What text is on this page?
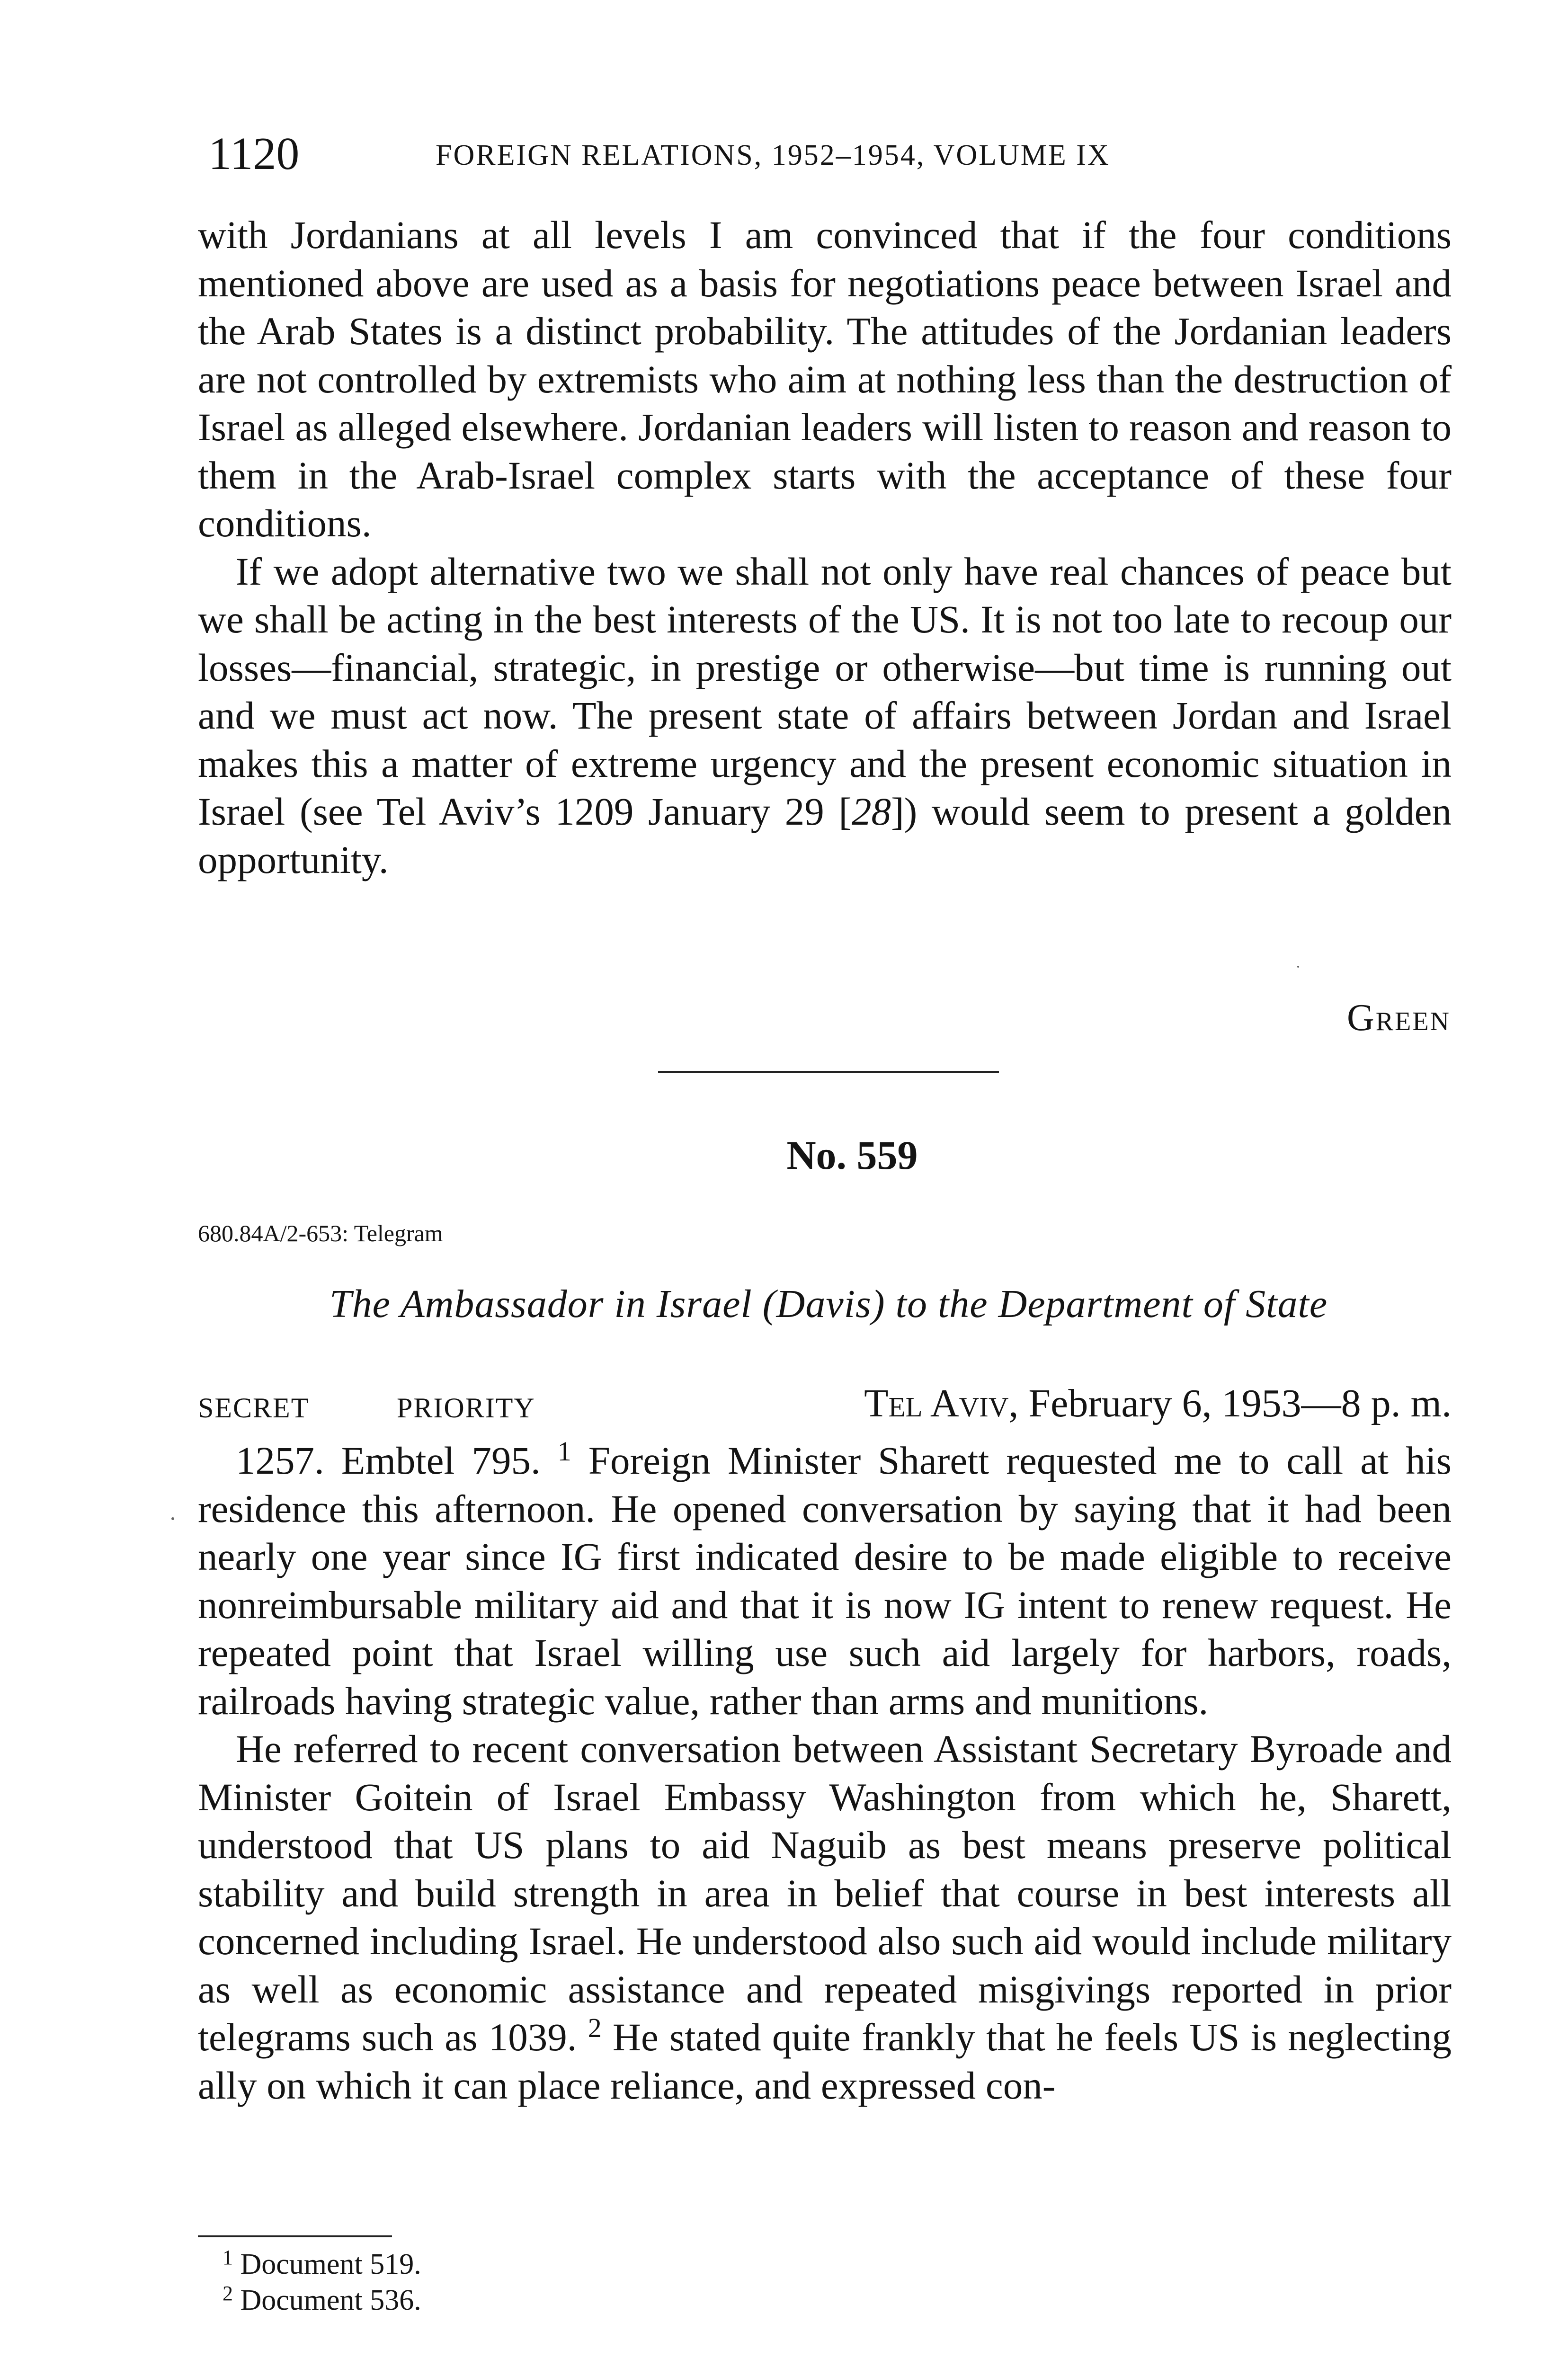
1120	FOREIGN RELATIONS, 1952–1954, VOLUME IX

with Jordanians at all levels I am convinced that if the four conditions mentioned above are used as a basis for negotiations peace between Israel and the Arab States is a distinct probability. The attitudes of the Jordanian leaders are not controlled by extremists who aim at nothing less than the destruction of Israel as alleged elsewhere. Jordanian leaders will listen to reason and reason to them in the Arab-Israel complex starts with the acceptance of these four conditions.

If we adopt alternative two we shall not only have real chances of peace but we shall be acting in the best interests of the US. It is not too late to recoup our losses—financial, strategic, in prestige or otherwise—but time is running out and we must act now. The present state of affairs between Jordan and Israel makes this a matter of extreme urgency and the present economic situation in Israel (see Tel Aviv’s 1209 January 29 [28]) would seem to present a golden opportunity.

Green
No. 559
680.84A/2-653: Telegram
The Ambassador in Israel (Davis) to the Department of State
SECRET	PRIORITY	Tel Aviv, February 6, 1953—8 p. m.

1257. Embtel 795. $^1$ Foreign Minister Sharett requested me to call at his residence this afternoon. He opened conversation by saying that it had been nearly one year since IG first indicated desire to be made eligible to receive nonreimbursable military aid and that it is now IG intent to renew request. He repeated point that Israel willing use such aid largely for harbors, roads, railroads having strategic value, rather than arms and munitions.

He referred to recent conversation between Assistant Secretary Byroade and Minister Goitein of Israel Embassy Washington from which he, Sharett, understood that US plans to aid Naguib as best means preserve political stability and build strength in area in belief that course in best interests all concerned including Israel. He understood also such aid would include military as well as economic assistance and repeated misgivings reported in prior telegrams such as 1039. $^2$ He stated quite frankly that he feels US is neglecting ally on which it can place reliance, and expressed con-

$^1$ Document 519.
$^2$ Document 536.
